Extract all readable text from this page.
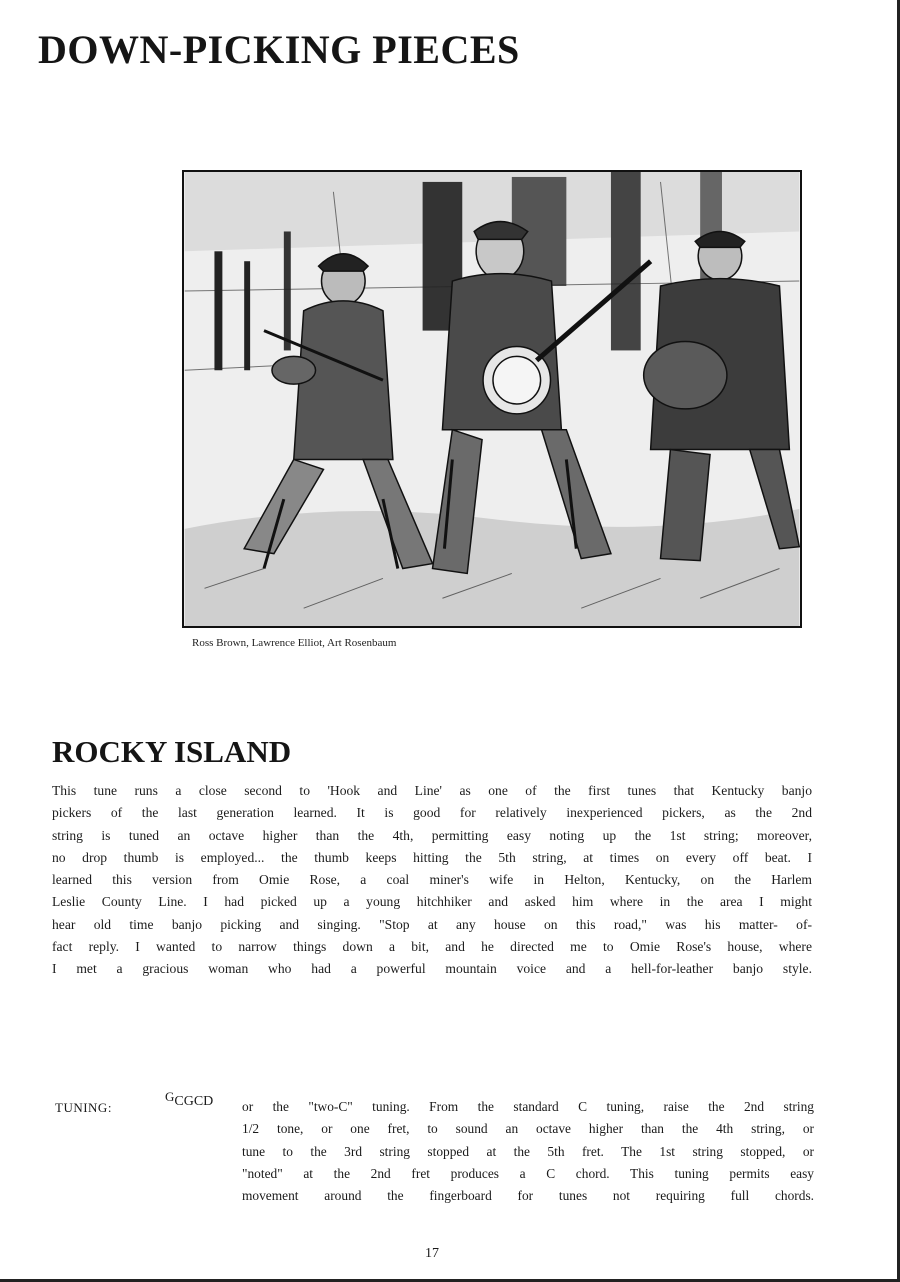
DOWN-PICKING PIECES
Ross Brown, Lawrence Elliot, Art Rosenbaum
ROCKY ISLAND
This tune runs a close second to 'Hook and Line' as one of the first tunes that Kentucky banjo
pickers of the last generation learned. It is good for relatively inexperienced pickers, as the 2nd
string is tuned an octave higher than the 4th, permitting easy noting up the 1st string; moreover,
no drop thumb is employed... the thumb keeps hitting the 5th string, at times on every off beat. I
learned this version from Omie Rose, a coal miner's wife in Helton, Kentucky, on the Harlem
Leslie County Line. I had picked up a young hitchhiker and asked him where in the area I might
hear old time banjo picking and singing. "Stop at any house on this road," was his matter- of-
fact reply. I wanted to narrow things down a bit, and he directed me to Omie Rose's house, where
I met a gracious woman who had a powerful mountain voice and a hell-for-leather banjo style.
TUNING:
GCGCD or the "two-C" tuning. From the standard C tuning, raise the 2nd string
1/2 tone, or one fret, to sound an octave higher than the 4th string, or
tune to the 3rd string stopped at the 5th fret. The 1st string stopped, or
"noted" at the 2nd fret produces a C chord. This tuning permits easy
movement around the fingerboard for tunes not requiring full chords.
17
